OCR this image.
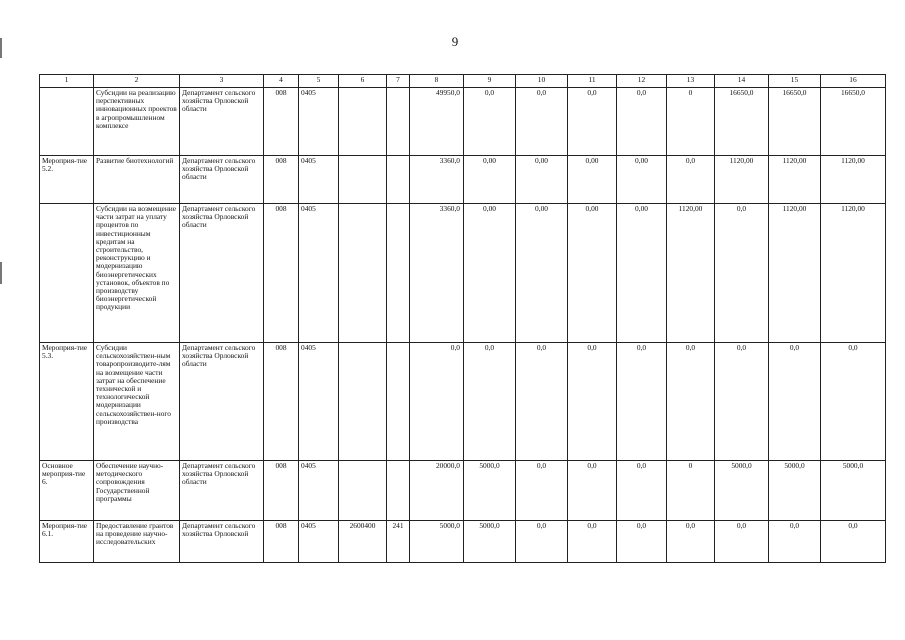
9
1	2	3	4	5	6	7	8	9	10	11	12	13	14	15	16
	Субсидии на реализацию перспективных инновационных проектов в агропромышленном комплексе	Департамент сельского хозяйства Орловской области	008	0405			49950,0	0,0	0,0	0,0	0,0	0	16650,0	16650,0	16650,0
Мероприя-тие 5.2.	Развитие биотехнологий	Департамент сельского хозяйства Орловской области	008	0405			3360,0	0,00	0,00	0,00	0,00	0,0	1120,00	1120,00	1120,00
	Субсидии на возмещение части затрат на уплату процентов по инвестиционным кредитам на строительство, реконструкцию и модернизацию биоэнергетических установок, объектов по производству биоэнергетической продукции	Департамент сельского хозяйства Орловской области	008	0405			3360,0	0,00	0,00	0,00	0,00	1120,00	0,0	1120,00	1120,00
Мероприя-тие 5.3.	Субсидии сельскохозяйствен-ным товаропроизводите-лям на возмещение части затрат на обеспечение технической и технологической модернизации сельскохозяйствен-ного производства	Департамент сельского хозяйства Орловской области	008	0405			0,0	0,0	0,0	0,0	0,0	0,0	0,0	0,0	0,0
Основное мероприя-тие 6.	Обеспечение научно-методического сопровождения Государственной программы	Департамент сельского хозяйства Орловской области	008	0405			20000,0	5000,0	0,0	0,0	0,0	0	5000,0	5000,0	5000,0
Мероприя-тие 6.1.	Предоставление грантов на проведение научно-исследовательских	Департамент сельского хозяйства Орловской	008	0405	2600400	241	5000,0	5000,0	0,0	0,0	0,0	0,0	0,0	0,0	0,0
